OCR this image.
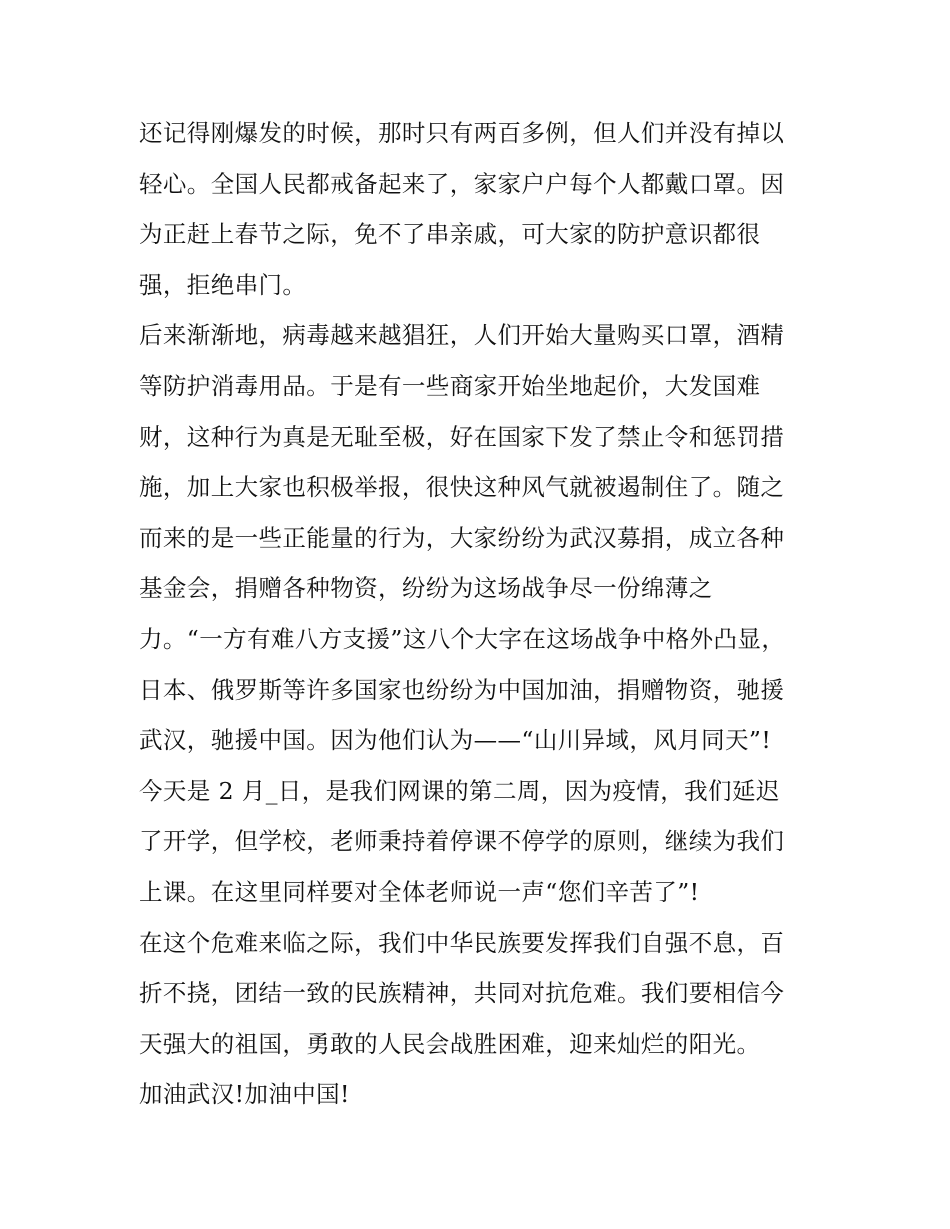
还记得刚爆发的时候，那时只有两百多例，但人们并没有掉以
轻心。全国人民都戒备起来了，家家户户每个人都戴口罩。因
为正赶上春节之际，免不了串亲戚，可大家的防护意识都很
强，拒绝串门。
后来渐渐地，病毒越来越猖狂，人们开始大量购买口罩，酒精
等防护消毒用品。于是有一些商家开始坐地起价，大发国难
财，这种行为真是无耻至极，好在国家下发了禁止令和惩罚措
施，加上大家也积极举报，很快这种风气就被遏制住了。随之
而来的是一些正能量的行为，大家纷纷为武汉募捐，成立各种
基金会，捐赠各种物资，纷纷为这场战争尽一份绵薄之
力。“一方有难八方支援”这八个大字在这场战争中格外凸显，
日本、俄罗斯等许多国家也纷纷为中国加油，捐赠物资，驰援
武汉，驰援中国。因为他们认为——“山川异域，风月同天”!
今天是 2 月_日，是我们网课的第二周，因为疫情，我们延迟
了开学，但学校，老师秉持着停课不停学的原则，继续为我们
上课。在这里同样要对全体老师说一声“您们辛苦了”!
在这个危难来临之际，我们中华民族要发挥我们自强不息，百
折不挠，团结一致的民族精神，共同对抗危难。我们要相信今
天强大的祖国，勇敢的人民会战胜困难，迎来灿烂的阳光。
加油武汉!加油中国!
